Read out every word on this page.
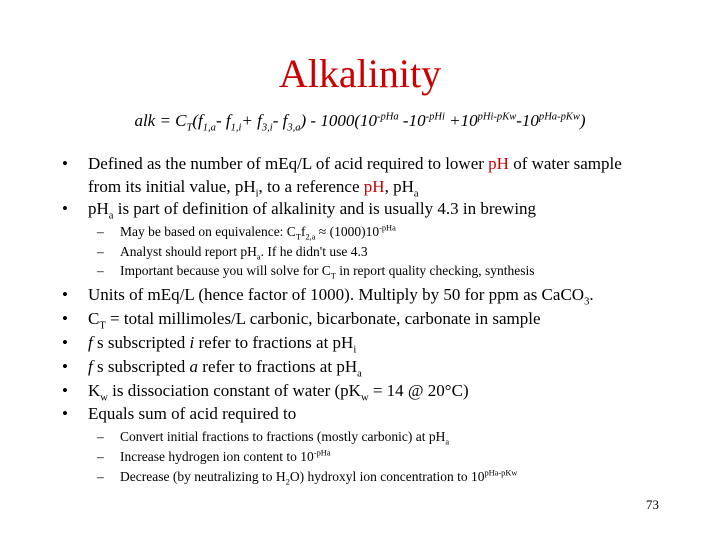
Alkalinity
alk = $C_T(f_{1,a}-$ $f_{1,i}+ f_{3,i}-$ $f_{3,a}) - 1000(10^{-pHa}$ $-10^{-pHi} +10^{pHi-pKw}-10^{pHa-pKw}$)
• Defined as the number of mEq/L of acid required to lower pH of water sample
from its initial value, $pH_i$, to a reference pH, $pH_a$
• $pH_a$ is part of definition of alkalinity and is usually 4.3 in brewing
– May be based on equivalence: $C_Tf_{2,a} \approx (1000)10^{-pHa}$
– Analyst should report $pH_a$. If he didn't use 4.3
– Important because you will solve for $C_T$ in report quality checking, synthesis
• Units of mEq/L (hence factor of 1000). Multiply by 50 for ppm as CaCO$_3$.
• $C_T$ = total millimoles/L carbonic, bicarbonate, carbonate in sample
• f s subscripted i refer to fractions at $pH_i$
• f s subscripted a refer to fractions at $pH_a$
• $K_w$ is dissociation constant of water ($pK_w = 14$ @ 20°C)
• Equals sum of acid required to
– Convert initial fractions to fractions (mostly carbonic) at $pH_a$
– Increase hydrogen ion content to $10^{-pHa}$
– Decrease (by neutralizing to $H_2O$) hydroxyl ion concentration to $10^{pHa-pKw}$
73
